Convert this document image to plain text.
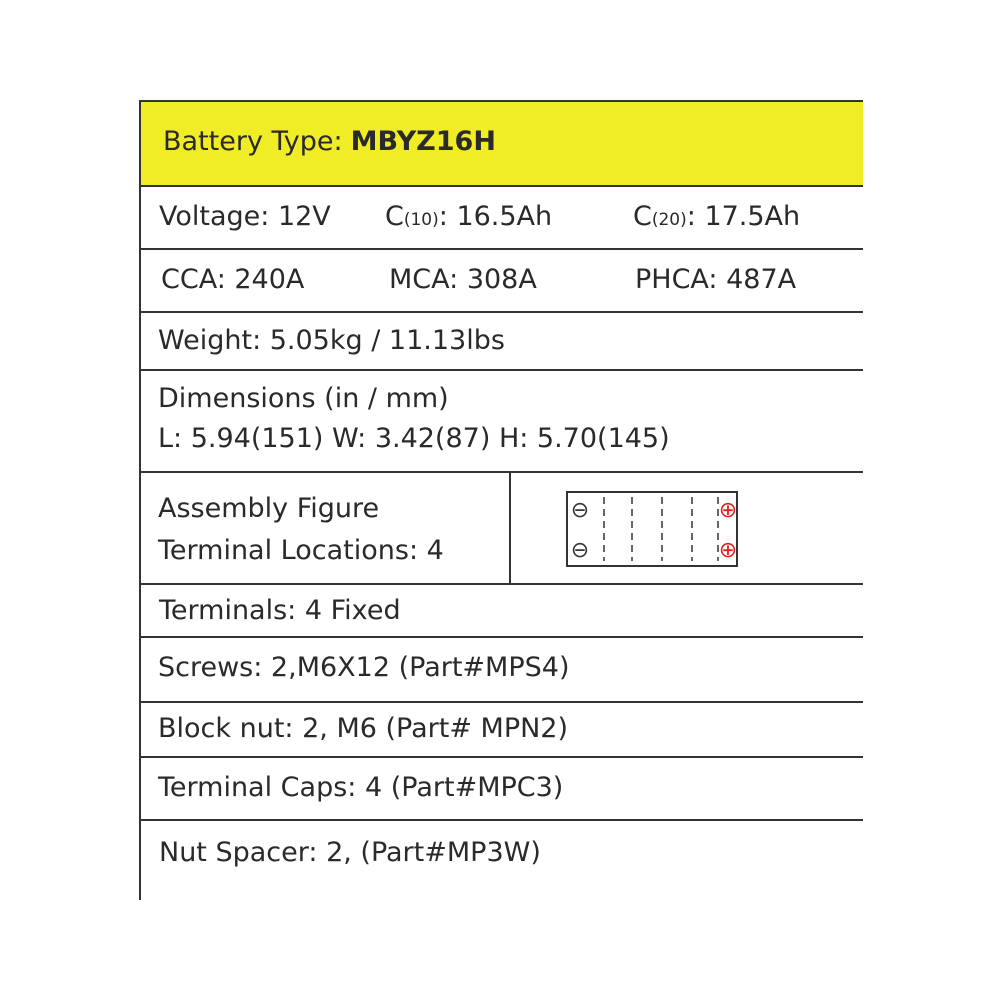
Battery Type: MBYZ16H
Voltage: 12V C(10): 16.5Ah	C(20): 17.5Ah
CCA: 240A	MCA: 308A	PHCA: 487A
Weight: 5.05kg / 11.13lbs
Dimensions (in / mm)
L: 5.94(151) W: 3.42(87) H: 5.70(145)
Assembly Figure
Terminal Locations: 4
⊖
⊖
⊕
⊕
Terminals: 4 Fixed
Screws: 2,M6X12 (Part#MPS4)
Block nut: 2, M6 (Part# MPN2)
Terminal Caps: 4 (Part#MPC3)
Nut Spacer: 2, (Part#MP3W)
